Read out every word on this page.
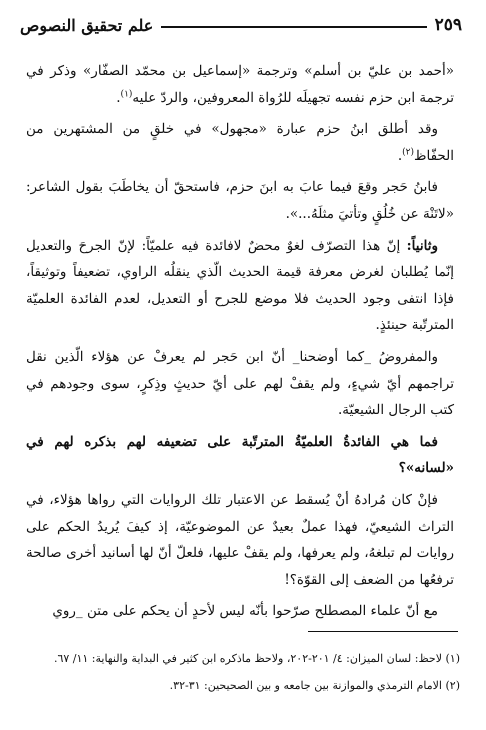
٢٥٩
علم تحقيق النصوص

«أحمد بن عليّ بن أسلم» وترجمة «إسماعيل بن محمّد الصفّار» وذكر في ترجمة ابن حزم نفسه تجهيلَه للرُواة المعروفين، والردّ عليه$^{(١)}$.

وقد أطلق ابنُ حزم عبارة «مجهول» في خلقٍ من المشتهرين من الحفّاظ$^{(٢)}$.

فابنُ حَجر وقعَ فيما عابَ به ابنَ حزم، فاستحقّ أن يخاطَبَ بقول الشاعر: «لاتَنْهَ عن خُلُقٍ وتأتيَ مثلَهُ...».

وثانياً: إنّ هذا التصرّف لغوٌ محضٌ لافائدة فيه علميّاً: لإنّ الجرحَ والتعديل إنّما يُطلبان لغرض معرفة قيمة الحديث الّذي ينقلُه الراوي، تضعيفاً وتوثيقاً، فإذا انتفى وجود الحديث فلا موضع للجرح أو التعديل، لعدم الفائدة العلميّة المترتّبة حينئذٍ.

والمفروضُ _كما أوضحنا_ أنّ ابن حَجر لم يعرفْ عن هؤلاء الّذين نقل تراجمهم أيّ شيءٍ، ولم يقفْ لهم على أيّ حديثٍ وذِكرٍ، سوى وجودهم في كتب الرجال الشيعيّة.

فما هي الفائدةُ العلميّةُ المترتّبة على تضعيفه لهم بذكره لهم في «لسانه»؟

فإنْ كان مُرادهُ أنْ يُسقط عن الاعتبار تلك الروايات التي رواها هؤلاء، في التراث الشيعيّ، فهذا عملٌ بعيدٌ عن الموضوعيّة، إذ كيفَ يُريدُ الحكم على روايات لم تبلغهُ، ولم يعرفها، ولم يقفْ عليها، فلعلّ أنّ لها أسانيد أخرى صالحة ترفعُها من الضعف إلى القوّة؟!

مع أنّ علماء المصطلح صرّحوا بأنّه ليس لأحدٍ أن يحكم على متن _روي

(١) لاحظ: لسان الميزان: ٤/ ٢٠١-٢٠٢، ولاحظ ماذكره ابن كثير في البداية والنهاية: ١١/ ٦٧.

(٢) الامام الترمذي والموازنة بين جامعه و بين الصحيحين: ٣١-٣٢.
